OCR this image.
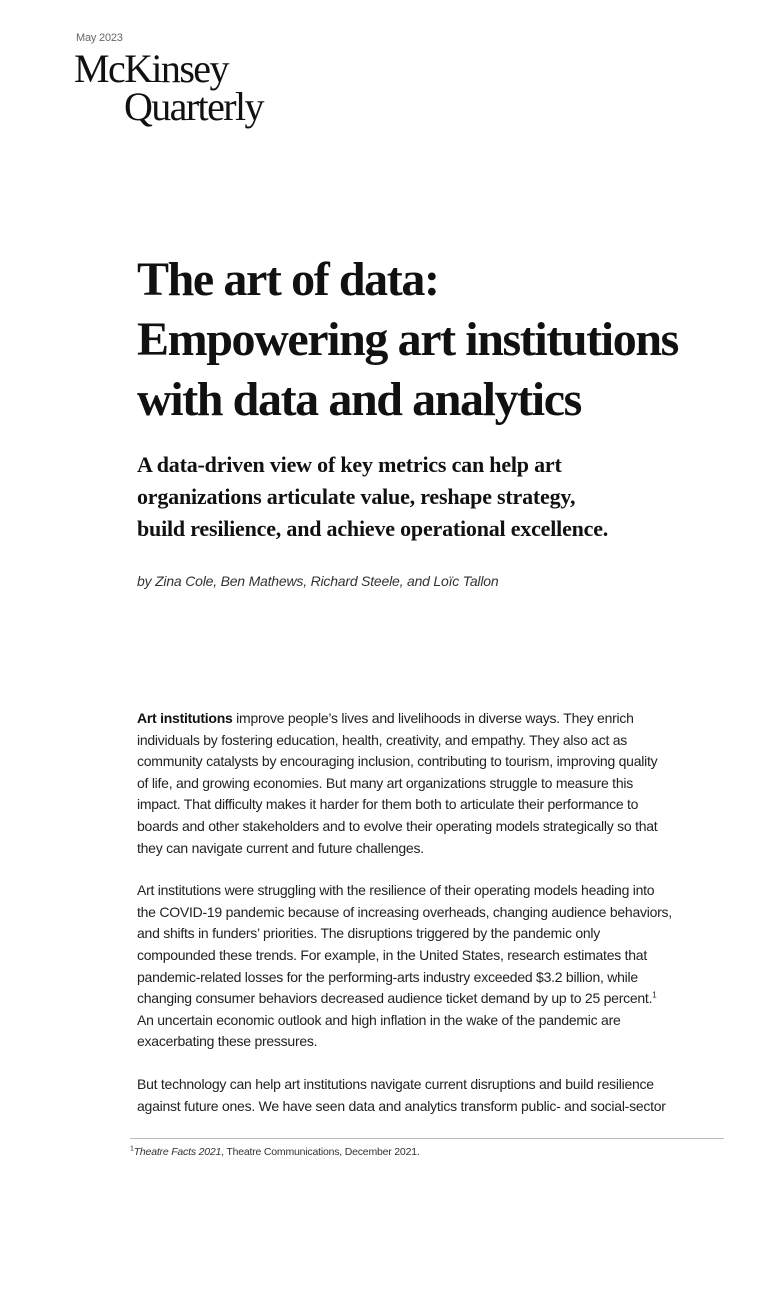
May 2023
McKinsey
Quarterly
The art of data:
Empowering art institutions
with data and analytics
A data-driven view of key metrics can help art
organizations articulate value, reshape strategy,
build resilience, and achieve operational excellence.
by Zina Cole, Ben Mathews, Richard Steele, and Loïc Tallon

Art institutions improve people’s lives and livelihoods in diverse ways. They enrich
individuals by fostering education, health, creativity, and empathy. They also act as
community catalysts by encouraging inclusion, contributing to tourism, improving quality
of life, and growing economies. But many art organizations struggle to measure this
impact. That difficulty makes it harder for them both to articulate their performance to
boards and other stakeholders and to evolve their operating models strategically so that
they can navigate current and future challenges.

Art institutions were struggling with the resilience of their operating models heading into
the COVID-19 pandemic because of increasing overheads, changing audience behaviors,
and shifts in funders’ priorities. The disruptions triggered by the pandemic only
compounded these trends. For example, in the United States, research estimates that
pandemic-related losses for the performing-arts industry exceeded $3.2 billion, while
changing consumer behaviors decreased audience ticket demand by up to 25 percent.$^1$
An uncertain economic outlook and high inflation in the wake of the pandemic are
exacerbating these pressures.

But technology can help art institutions navigate current disruptions and build resilience
against future ones. We have seen data and analytics transform public- and social-sector

$^1$Theatre Facts 2021, Theatre Communications, December 2021.
